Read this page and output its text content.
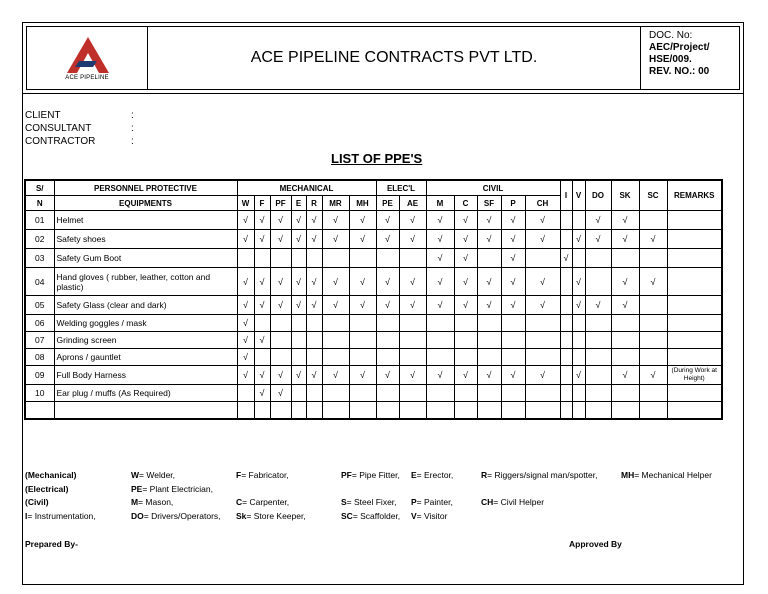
ACE PIPELINE
ACE PIPELINE CONTRACTS PVT LTD.
DOC. No:
AEC/Project/
HSE/009.
REV. NO.: 00
CLIENT	:
CONSULTANT	:
CONTRACTOR	:
LIST OF PPE'S
S/	PERSONNEL PROTECTIVE	MECHANICAL							ELEC'L		CIVIL					I	V	DO	SK	SC	REMARKS
N	EQUIPMENTS	W	F	PF	E	R	MR	MH	PE	AE	M	C	SF	P	CH						
01	Helmet	√	√	√	√	√	√	√	√	√	√	√	√	√	√			√	√		
02	Safety shoes	√	√	√	√	√	√	√	√	√	√	√	√	√	√		√	√	√	√	
03	Safety Gum Boot										√	√		√		√					
04	Hand gloves ( rubber, leather, cotton and plastic)	√	√	√	√	√	√	√	√	√	√	√	√	√	√		√		√	√	
05	Safety Glass (clear and dark)	√	√	√	√	√	√	√	√	√	√	√	√	√	√		√	√	√		
06	Welding goggles / mask	√																			
07	Grinding screen	√	√																		
08	Aprons / gauntlet	√																			
09	Full Body Harness	√	√	√	√	√	√	√	√	√	√	√	√	√	√		√		√	√	(During Work at Height)
10	Ear plug / muffs (As Required)		√	√																	

(Mechanical)	W= Welder,	F= Fabricator,	PF= Pipe Fitter, E= Erector,	R= Riggers/signal man/spotter,	MH= Mechanical Helper
(Electrical)	PE= Plant Electrician,
(Civil)	M= Mason,	C= Carpenter,	S= Steel Fixer, P= Painter,	CH= Civil Helper
I= Instrumentation,	DO= Drivers/Operators, Sk= Store Keeper,	SC= Scaffolder, V= Visitor
Prepared By-	Approved By
